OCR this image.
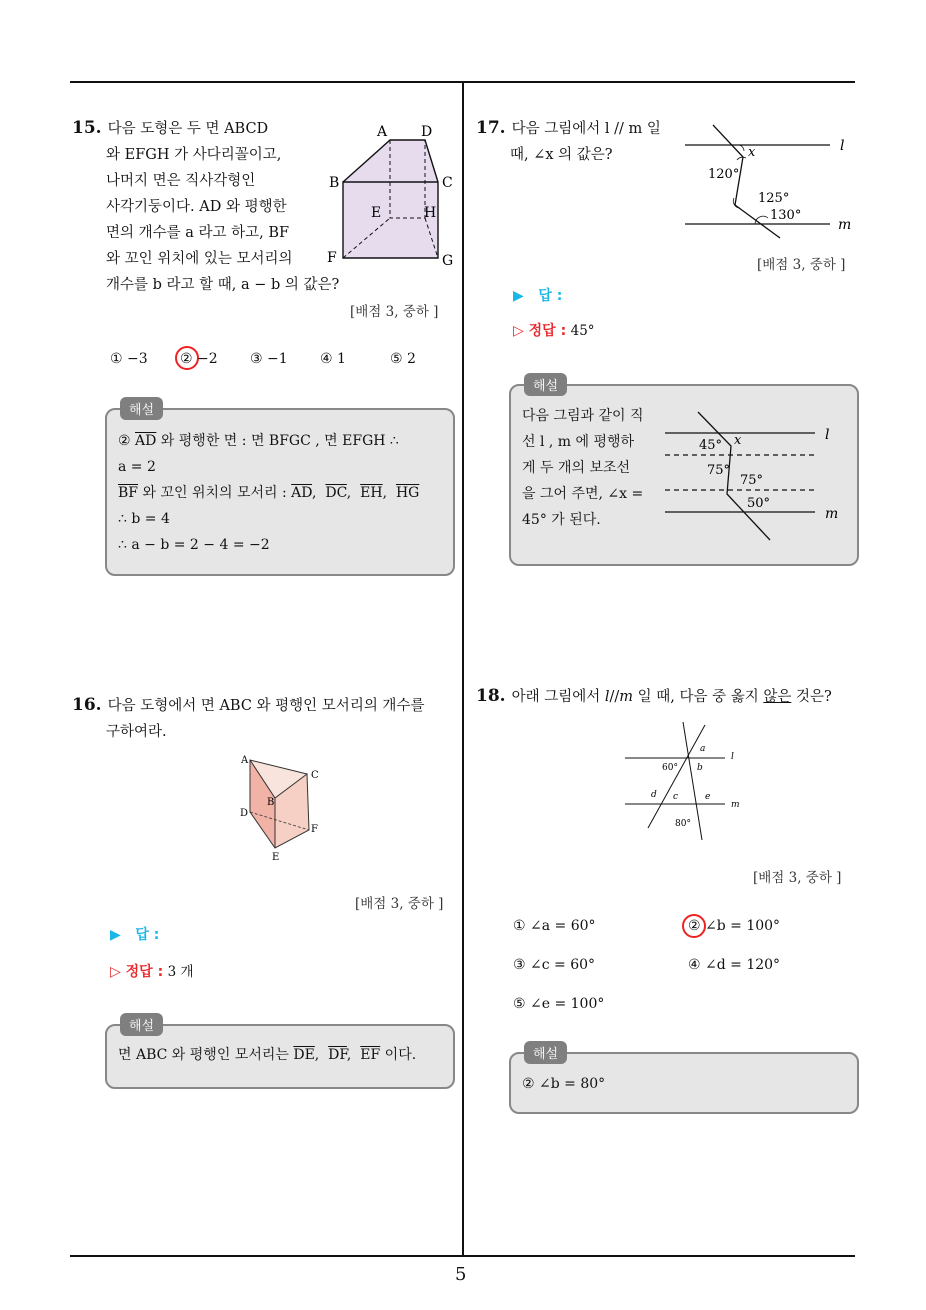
5
15. 다음 도형은 두 면 ABCD
와 EFGH 가 사다리꼴이고,
나머지 면은 직사각형인
사각기둥이다. AD 와 평행한
면의 개수를 a 라고 하고, BF
와 꼬인 위치에 있는 모서리의
개수를 b 라고 할 때, a − b 의 값은?
A D
B	C
E	H
F	G
[배점 3, 중하 ]
① −3 ② −2 ③ −1 ④ 1	⑤ 2
해설
② $\overline{AD}$ 와 평행한 면 : 면 BFGC , 면 EFGH ∴
a = 2
$\overline{BF}$ 와 꼬인 위치의 모서리 : $\overline{AD}$,  $\overline{DC}$,  $\overline{EH}$,  $\overline{HG}$
∴ b = 4
∴ a − b = 2 − 4 = −2
16. 다음 도형에서 면 ABC 와 평행인 모서리의 개수를
구하여라.
A
C
B
D
F
E
[배점 3, 중하 ]
▶   답 :
▷ 정답 : 3 개
해설
면 ABC 와 평행인 모서리는 $\overline{DE}$,  $\overline{DF}$,  $\overline{EF}$ 이다.
17. 다음 그림에서 l // m 일
때, ∠x 의 값은?	x	l
120°
125°
130°
m
[배점 3, 중하 ]
▶   답 :
▷ 정답 : 45°
해설
다음 그림과 같이 직
선 l , m 에 평행하
게 두 개의 보조선
을 그어 주면, ∠x =
45° 가 된다.
45° x	l
75°
75°
50°
m
18. 아래 그림에서 l//m 일 때, 다음 중 옳지 않은 것은?
a
l
60° b
d c	e
m
80°
[배점 3, 중하 ]
① ∠a = 60°	② ∠b = 100°
③ ∠c = 60°	④ ∠d = 120°
⑤ ∠e = 100°
해설
② ∠b = 80°
